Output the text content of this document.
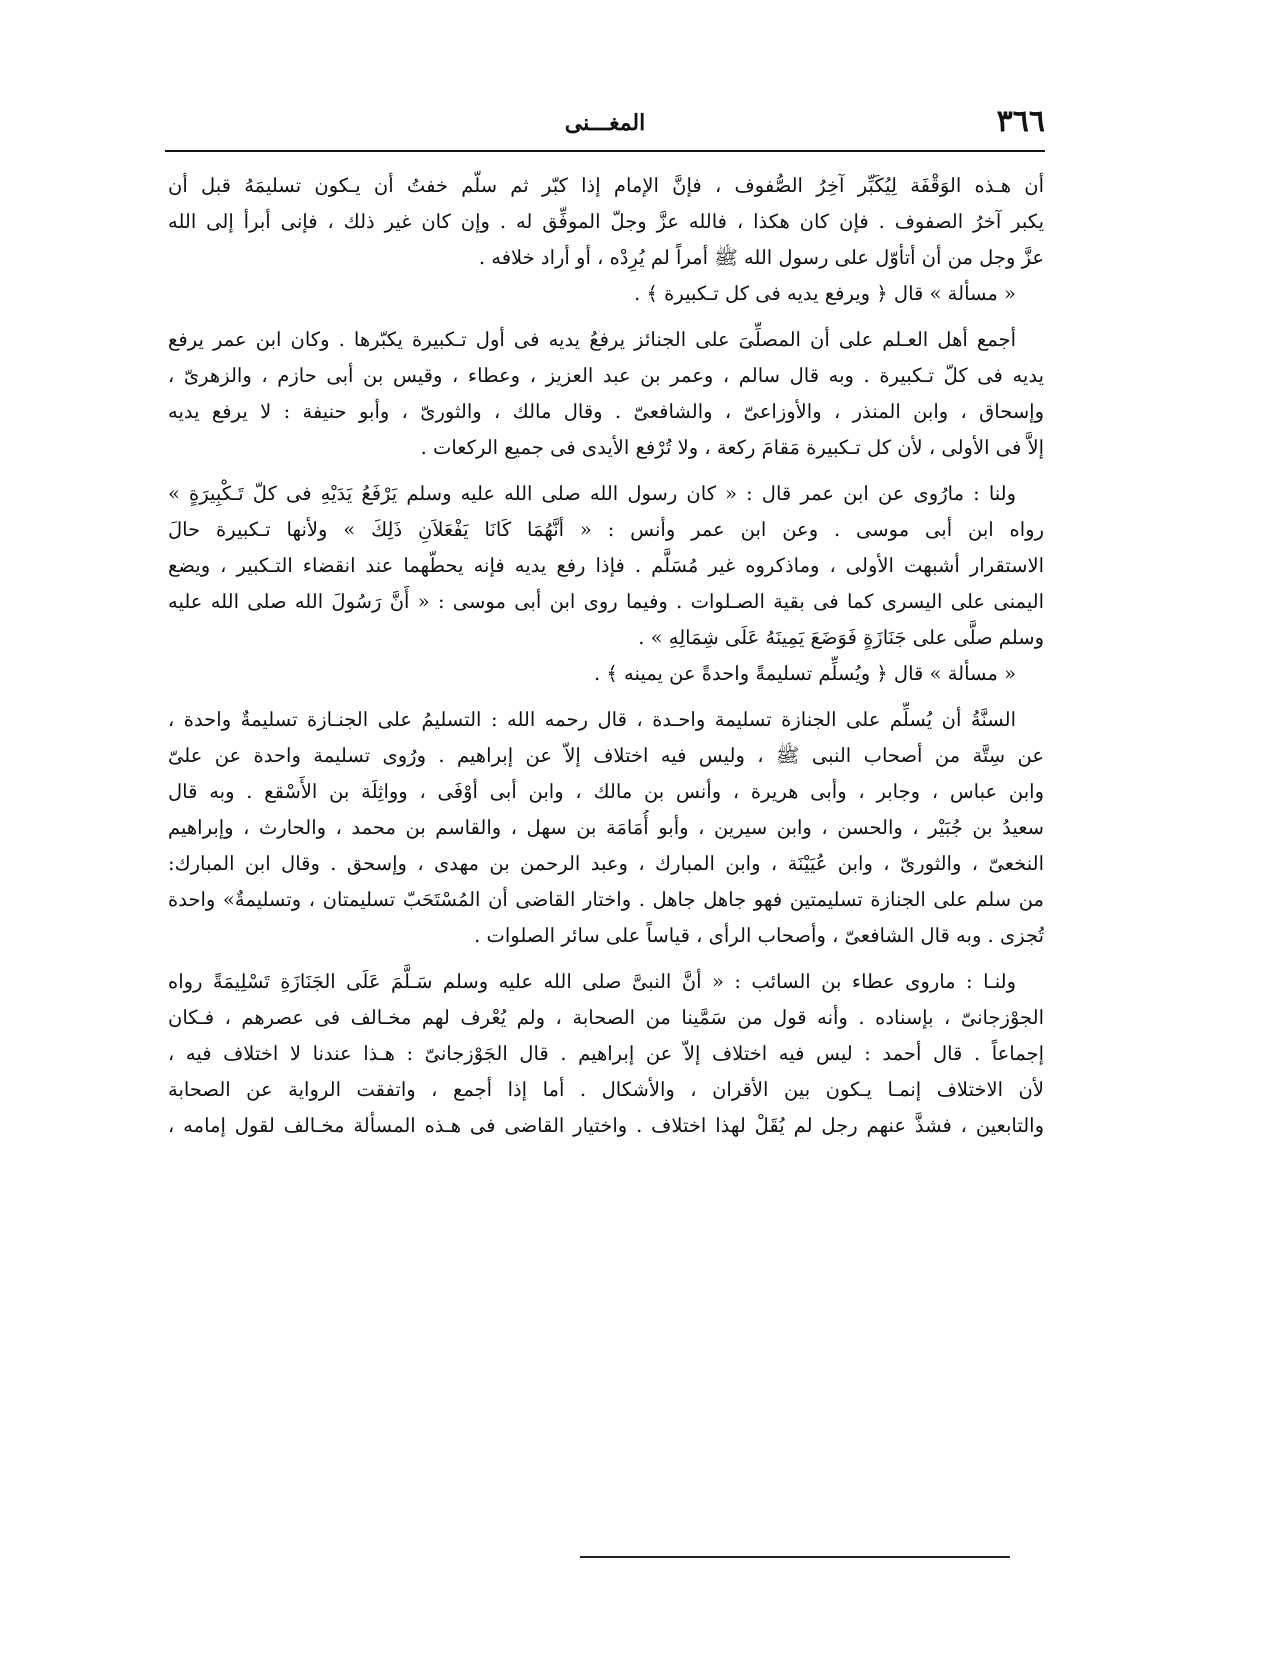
٣٦٦
المغـــنى
أن هـذه الوَقْفَة لِيُكَبِّر آخِرُ الصُّفوف ، فإنَّ الإمام إذا كبّر ثم سلّم خفتُ أن يـكون تسليمَهُ قبل أن
يكبر آخرُ الصفوف . فإن كان هكذا ، فالله عزَّ وجلّ الموفِّق له . وإن كان غير ذلك ، فإنى أبرأ إلى الله
عزَّ وجل من أن أتأوّل على رسول الله ﷺ أمراً لم يُرِدْه ، أو أراد خلافه .
« مسألة » قال ﴿ ويرفع يديه فى كل تـكبيرة ﴾ .
أجمع أهل العـلم على أن المصلِّىَ على الجنائز يرفعُ يديه فى أول تـكبيرة يكبّرها . وكان ابن عمر يرفع
يديه فى كلّ تـكبيرة . وبه قال سالم ، وعمر بن عبد العزيز ، وعطاء ، وقيس بن أبى حازم ، والزهرىّ ،
وإسحاق ، وابن المنذر ، والأوزاعىّ ، والشافعىّ . وقال مالك ، والثورىّ ، وأبو حنيفة : لا يرفع يديه
إلاَّ فى الأولى ، لأن كل تـكبيرة مَقامَ ركعة ، ولا تُرْفع الأيدى فى جميع الركعات .
ولنا : مارُوى عن ابن عمر قال : « كان رسول الله صلى الله عليه وسلم يَرْفَعُ يَدَيْهِ فى كلّ تَـكْبِيرَةٍ »
رواه ابن أبى موسى . وعن ابن عمر وأنس : « أنَّهُمَا كَانَا يَفْعَلاَنِ ذَلِكَ » ولأنها تـكبيرة حالَ
الاستقرار أشبهت الأولى ، وماذكروه غير مُسَلَّم . فإذا رفع يديه فإنه يحطّهما عند انقضاء التـكبير ، ويضع
اليمنى على اليسرى كما فى بقية الصـلوات . وفيما روى ابن أبى موسى : « أَنَّ رَسُولَ الله صلى الله عليه
وسلم صلَّى على جَنَازَةٍ فَوَضَعَ يَمِينَهُ عَلَى شِمَالِهِ » .
« مسألة » قال ﴿ ويُسلِّم تسليمةً واحدةً عن يمينه ﴾ .
السنَّةُ أن يُسلِّم على الجنازة تسليمة واحـدة ، قال رحمه الله : التسليمُ على الجنـازة تسليمةٌ واحدة ،
عن سِتَّة من أصحاب النبى ﷺ ، وليس فيه اختلاف إلاّ عن إبراهيم . ورُوى تسليمة واحدة عن علىّ
وابن عباس ، وجابر ، وأبى هريرة ، وأنس بن مالك ، وابن أبى أوْفَى ، وواثِلَة بن الأَسْقع . وبه قال
سعيدُ بن جُبَيْر ، والحسن ، وابن سيرين ، وأبو أُمَامَة بن سهل ، والقاسم بن محمد ، والحارث ، وإبراهيم
النخعىّ ، والثورىّ ، وابن عُيَيْنَة ، وابن المبارك ، وعبد الرحمن بن مهدى ، وإسحق . وقال ابن المبارك:
من سلم على الجنازة تسليمتين فهو جاهل جاهل . واختار القاضى أن المُسْتَحَبّ تسليمتان ، وتسليمةٌ» واحدة
تُجزى . وبه قال الشافعىّ ، وأصحاب الرأى ، قياساً على سائر الصلوات .
ولنـا : ماروى عطاء بن السائب : « أنَّ النبىَّ صلى الله عليه وسلم سَـلَّمَ عَلَى الجَنَازَةِ تَسْلِيمَةً رواه
الجوْزجانىّ ، بإسناده . وأنه قول من سَمَّينا من الصحابة ، ولم يُعْرف لهم مخـالف فى عصرهم ، فـكان
إجماعاً . قال أحمد : ليس فيه اختلاف إلاّ عن إبراهيم . قال الجَوْزجانىّ : هـذا عندنا لا اختلاف فيه ،
لأن الاختلاف إنمـا يـكون بين الأقران ، والأشكال . أما إذا أجمع ، واتفقت الرواية عن الصحابة
والتابعين ، فشذَّ عنهم رجل لم يُقَلْ لهذا اختلاف . واختيار القاضى فى هـذه المسألة مخـالف لقول إمامه ،
